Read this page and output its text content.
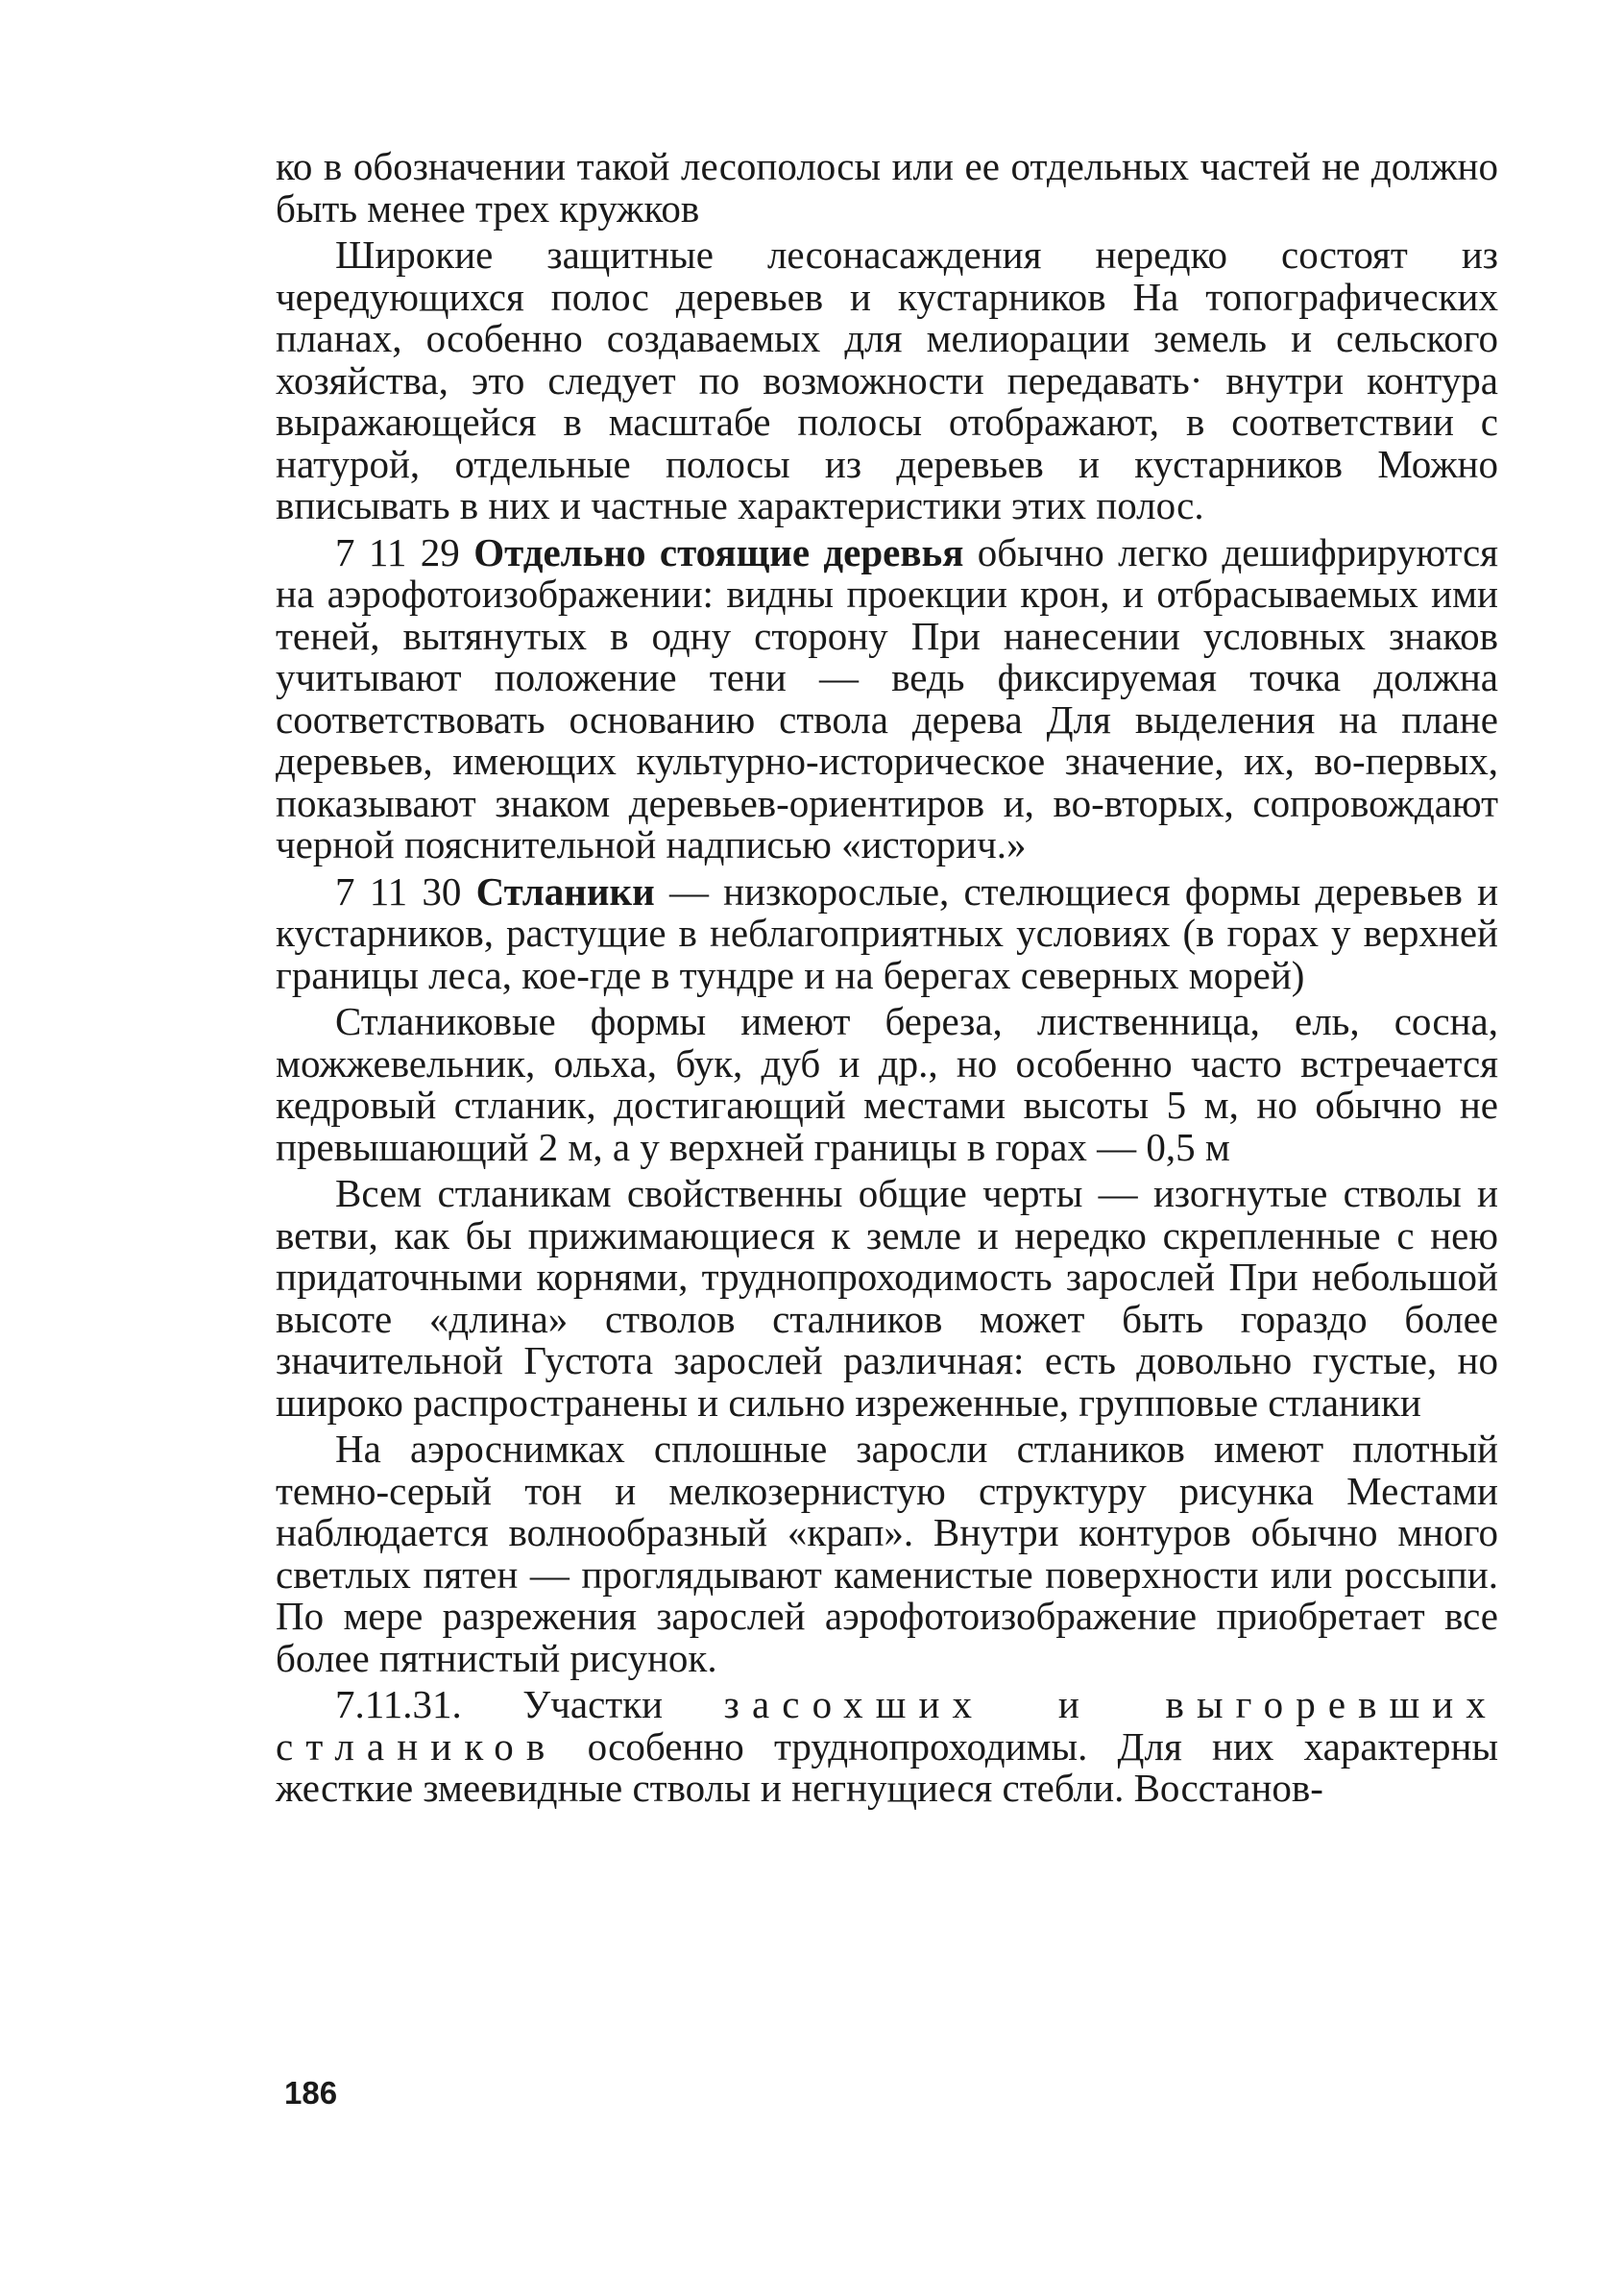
ко в обозначении такой лесополосы или ее отдельных частей не должно быть менее трех кружков

Широкие защитные лесонасаждения нередко состоят из чередующихся полос деревьев и кустарников На топографических планах, особенно создаваемых для мелиорации земель и сельского хозяйства, это следует по возможности передавать· внутри контура выражающейся в масштабе полосы отображают, в соответствии с натурой, отдельные полосы из деревьев и кустарников Можно вписывать в них и частные характеристики этих полос.

7 11 29 Отдельно стоящие деревья обычно легко дешифрируются на аэрофотоизображении: видны проекции крон, и отбрасываемых ими теней, вытянутых в одну сторону При нанесении условных знаков учитывают положение тени — ведь фиксируемая точка должна соответствовать основанию ствола дерева Для выделения на плане деревьев, имеющих культурно-историческое значение, их, во-первых, показывают знаком деревьев-ориентиров и, во-вторых, сопровождают черной пояснительной надписью «историч.»

7 11 30 Стланики — низкорослые, стелющиеся формы деревьев и кустарников, растущие в неблагоприятных условиях (в горах у верхней границы леса, кое-где в тундре и на берегах северных морей)

Стланиковые формы имеют береза, лиственница, ель, сосна, можжевельник, ольха, бук, дуб и др., но особенно часто встречается кедровый стланик, достигающий местами высоты 5 м, но обычно не превышающий 2 м, а у верхней границы в горах — 0,5 м

Всем стланикам свойственны общие черты — изогнутые стволы и ветви, как бы прижимающиеся к земле и нередко скрепленные с нею придаточными корнями, труднопроходимость зарослей При небольшой высоте «длина» стволов сталников может быть гораздо более значительной Густота зарослей различная: есть довольно густые, но широко распространены и сильно изреженные, групповые стланики

На аэроснимках сплошные заросли стлаников имеют плотный темно-серый тон и мелкозернистую структуру рисунка Местами наблюдается волнообразный «крап». Внутри контуров обычно много светлых пятен — проглядывают каменистые поверхности или россыпи. По мере разрежения зарослей аэрофотоизображение приобретает все более пятнистый рисунок.

7.11.31. Участки засохших и выгоревших стлаников особенно труднопроходимы. Для них характерны жесткие змеевидные стволы и негнущиеся стебли. Восстанов-

186
